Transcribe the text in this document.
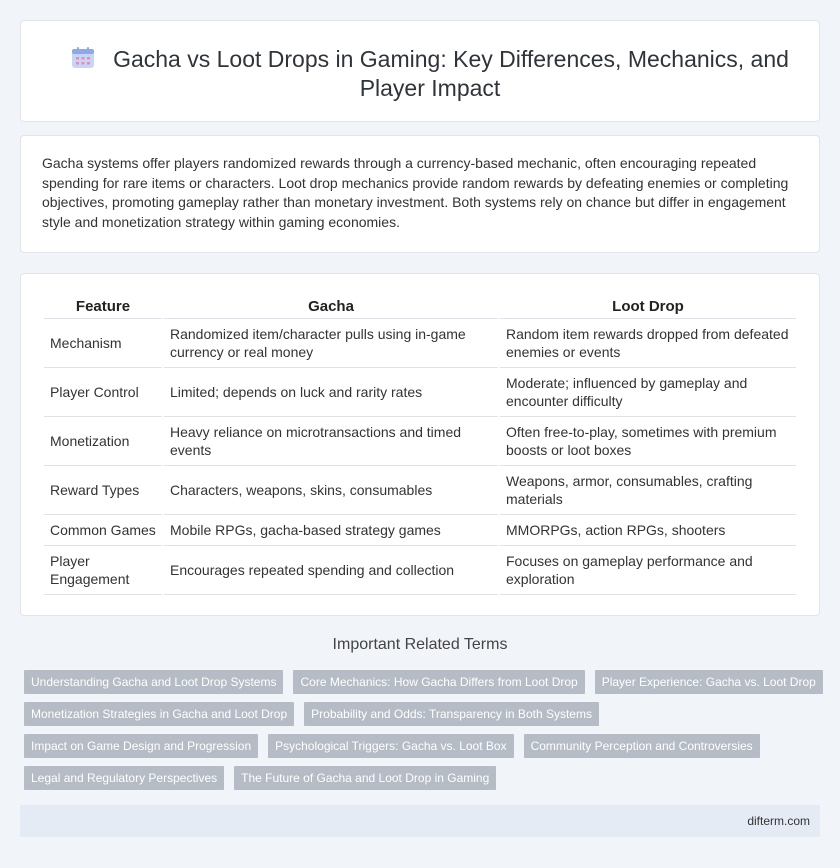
Gacha vs Loot Drops in Gaming: Key Differences, Mechanics, and Player Impact

Gacha systems offer players randomized rewards through a currency-based mechanic, often encouraging repeated spending for rare items or characters. Loot drop mechanics provide random rewards by defeating enemies or completing objectives, promoting gameplay rather than monetary investment. Both systems rely on chance but differ in engagement style and monetization strategy within gaming economies.

Feature	Gacha	Loot Drop
Mechanism	Randomized item/character pulls using in-game currency or real money	Random item rewards dropped from defeated enemies or events
Player Control	Limited; depends on luck and rarity rates	Moderate; influenced by gameplay and encounter difficulty
Monetization	Heavy reliance on microtransactions and timed events	Often free-to-play, sometimes with premium boosts or loot boxes
Reward Types	Characters, weapons, skins, consumables	Weapons, armor, consumables, crafting materials
Common Games	Mobile RPGs, gacha-based strategy games	MMORPGs, action RPGs, shooters
Player Engagement	Encourages repeated spending and collection	Focuses on gameplay performance and exploration
Important Related Terms
Understanding Gacha and Loot Drop Systems Core Mechanics: How Gacha Differs from Loot Drop Player Experience: Gacha vs. Loot Drop
Monetization Strategies in Gacha and Loot Drop Probability and Odds: Transparency in Both Systems
Impact on Game Design and Progression Psychological Triggers: Gacha vs. Loot Box Community Perception and Controversies
Legal and Regulatory Perspectives The Future of Gacha and Loot Drop in Gaming
difterm.com
